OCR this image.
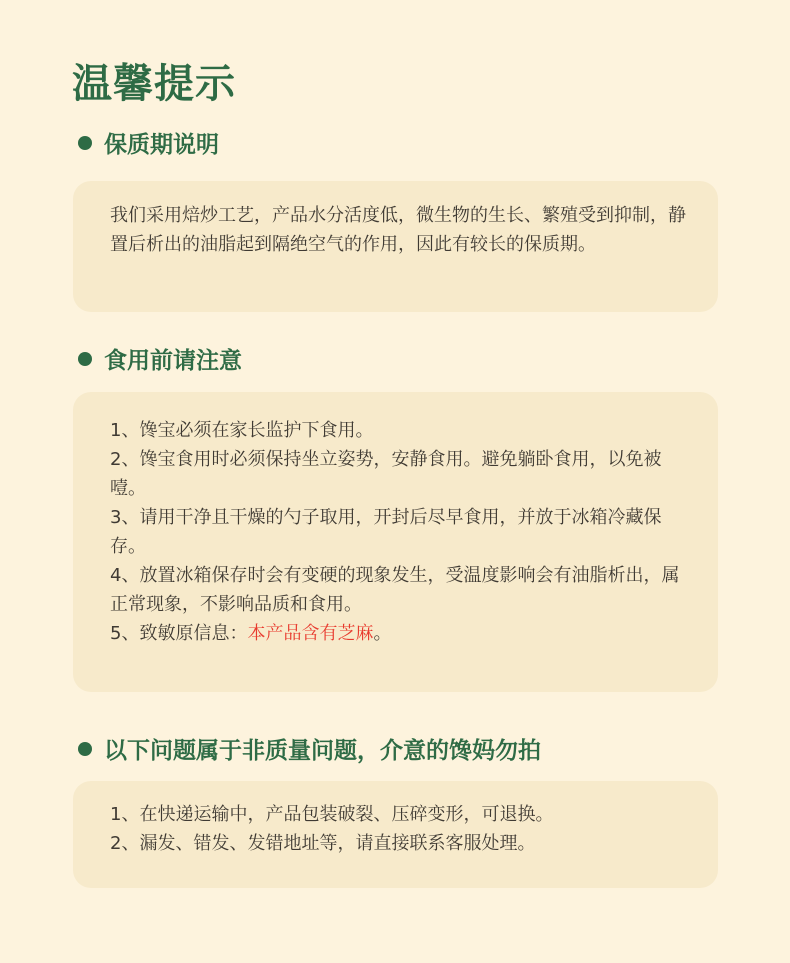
温馨提示
保质期说明

我们采用焙炒工艺，产品水分活度低，微生物的生长、繁殖受到抑制，静置后析出的油脂起到隔绝空气的作用，因此有较长的保质期。

食用前请注意

1、馋宝必须在家长监护下食用。

2、馋宝食用时必须保持坐立姿势，安静食用。避免躺卧食用，以免被噎。

3、请用干净且干燥的勺子取用，开封后尽早食用，并放于冰箱冷藏保存。

4、放置冰箱保存时会有变硬的现象发生，受温度影响会有油脂析出，属正常现象，不影响品质和食用。

5、致敏原信息：本产品含有芝麻。

以下问题属于非质量问题，介意的馋妈勿拍

1、在快递运输中，产品包装破裂、压碎变形，可退换。

2、漏发、错发、发错地址等，请直接联系客服处理。
